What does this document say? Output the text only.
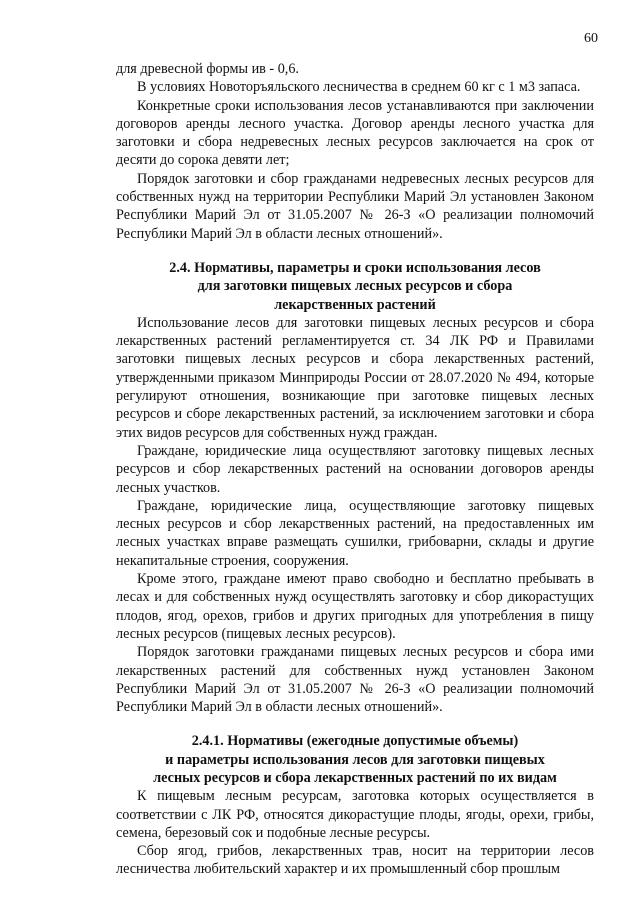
60

для древесной формы ив - 0,6.

В условиях Новоторъяльского лесничества в среднем 60 кг с 1 м3 запаса.

Конкретные сроки использования лесов устанавливаются при заключении договоров аренды лесного участка. Договор аренды лесного участка для заготовки и сбора недревесных лесных ресурсов заключается на срок от десяти до сорока девяти лет;

Порядок заготовки и сбор гражданами недревесных лесных ресурсов для собственных нужд на территории Республики Марий Эл установлен Законом Республики Марий Эл от 31.05.2007 № 26-З «О реализации полномочий Республики Марий Эл в области лесных отношений».

2.4. Нормативы, параметры и сроки использования лесов
для заготовки пищевых лесных ресурсов и сбора
лекарственных растений

Использование лесов для заготовки пищевых лесных ресурсов и сбора лекарственных растений регламентируется ст. 34 ЛК РФ и Правилами заготовки пищевых лесных ресурсов и сбора лекарственных растений, утвержденными приказом Минприроды России от 28.07.2020 № 494, которые регулируют отношения, возникающие при заготовке пищевых лесных ресурсов и сборе лекарственных растений, за исключением заготовки и сбора этих видов ресурсов для собственных нужд граждан.

Граждане, юридические лица осуществляют заготовку пищевых лесных ресурсов и сбор лекарственных растений на основании договоров аренды лесных участков.

Граждане, юридические лица, осуществляющие заготовку пищевых лесных ресурсов и сбор лекарственных растений, на предоставленных им лесных участках вправе размещать сушилки, грибоварни, склады и другие некапитальные строения, сооружения.

Кроме этого, граждане имеют право свободно и бесплатно пребывать в лесах и для собственных нужд осуществлять заготовку и сбор дикорастущих плодов, ягод, орехов, грибов и других пригодных для употребления в пищу лесных ресурсов (пищевых лесных ресурсов).

Порядок заготовки гражданами пищевых лесных ресурсов и сбора ими лекарственных растений для собственных нужд установлен Законом Республики Марий Эл от 31.05.2007 № 26-З «О реализации полномочий Республики Марий Эл в области лесных отношений».

2.4.1. Нормативы (ежегодные допустимые объемы)
и параметры использования лесов для заготовки пищевых
лесных ресурсов и сбора лекарственных растений по их видам

К пищевым лесным ресурсам, заготовка которых осуществляется в соответствии с ЛК РФ, относятся дикорастущие плоды, ягоды, орехи, грибы, семена, березовый сок и подобные лесные ресурсы.

Сбор ягод, грибов, лекарственных трав, носит на территории лесов лесничества любительский характер и их промышленный сбор прошлым
